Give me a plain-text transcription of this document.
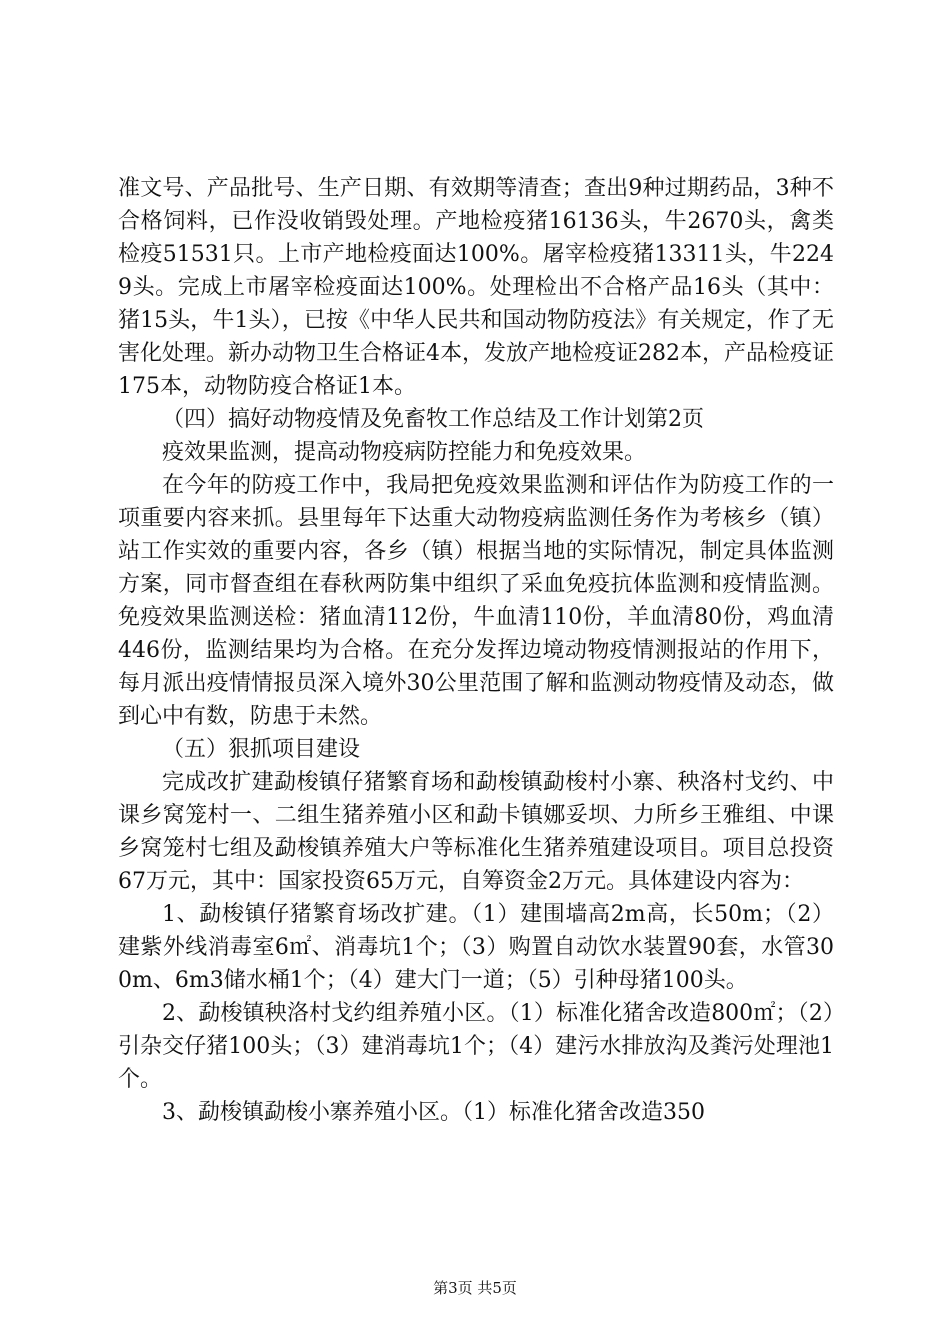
准文号、产品批号、生产日期、有效期等清查；查出9种过期药品，3种不合格饲料，已作没收销毁处理。产地检疫猪16136头，牛2670头，禽类检疫51531只。上市产地检疫面达100%。屠宰检疫猪13311头，牛2249头。完成上市屠宰检疫面达100%。处理检出不合格产品16头（其中：猪15头，牛1头），已按《中华人民共和国动物防疫法》有关规定，作了无害化处理。新办动物卫生合格证4本，发放产地检疫证282本，产品检疫证175本，动物防疫合格证1本。

（四）搞好动物疫情及免畜牧工作总结及工作计划第2页

疫效果监测，提高动物疫病防控能力和免疫效果。

在今年的防疫工作中，我局把免疫效果监测和评估作为防疫工作的一项重要内容来抓。县里每年下达重大动物疫病监测任务作为考核乡（镇）站工作实效的重要内容，各乡（镇）根据当地的实际情况，制定具体监测方案，同市督查组在春秋两防集中组织了采血免疫抗体监测和疫情监测。免疫效果监测送检：猪血清112份，牛血清110份，羊血清80份，鸡血清446份，监测结果均为合格。在充分发挥边境动物疫情测报站的作用下，每月派出疫情情报员深入境外30公里范围了解和监测动物疫情及动态，做到心中有数，防患于未然。

（五）狠抓项目建设

完成改扩建勐梭镇仔猪繁育场和勐梭镇勐梭村小寨、秧洛村戈约、中课乡窝笼村一、二组生猪养殖小区和勐卡镇娜妥坝、力所乡王雅组、中课乡窝笼村七组及勐梭镇养殖大户等标准化生猪养殖建设项目。项目总投资67万元，其中：国家投资65万元，自筹资金2万元。具体建设内容为：

1、勐梭镇仔猪繁育场改扩建。（1）建围墙高2m高，长50m；（2）建紫外线消毒室6㎡、消毒坑1个；（3）购置自动饮水装置90套，水管300m、6m3储水桶1个；（4）建大门一道；（5）引种母猪100头。

2、勐梭镇秧洛村戈约组养殖小区。（1）标准化猪舍改造800㎡；（2）引杂交仔猪100头；（3）建消毒坑1个；（4）建污水排放沟及粪污处理池1个。

3、勐梭镇勐梭小寨养殖小区。（1）标准化猪舍改造350

第3页 共5页
